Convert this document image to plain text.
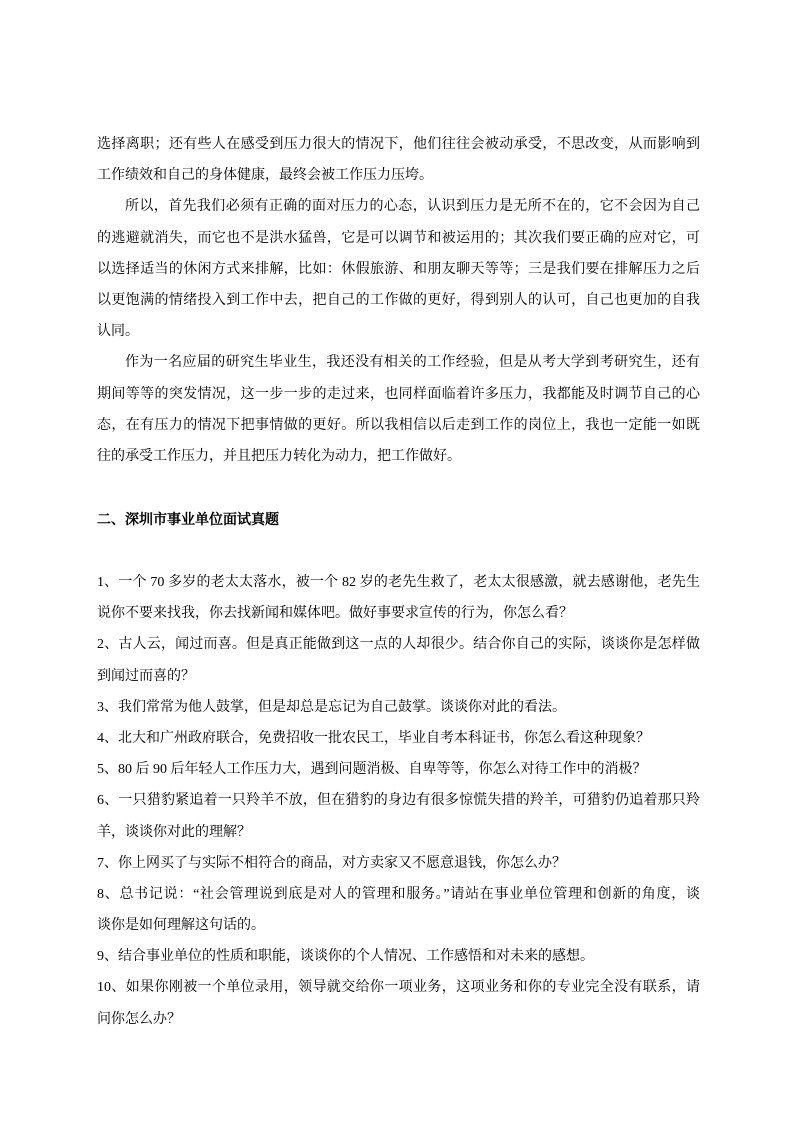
选择离职；还有些人在感受到压力很大的情况下，他们往往会被动承受，不思改变，从而影响到
工作绩效和自己的身体健康，最终会被工作压力压垮。
所以，首先我们必须有正确的面对压力的心态，认识到压力是无所不在的，它不会因为自己
的逃避就消失，而它也不是洪水猛兽，它是可以调节和被运用的；其次我们要正确的应对它，可
以选择适当的休闲方式来排解，比如：休假旅游、和朋友聊天等等；三是我们要在排解压力之后
以更饱满的情绪投入到工作中去，把自己的工作做的更好，得到别人的认可，自己也更加的自我
认同。
作为一名应届的研究生毕业生，我还没有相关的工作经验，但是从考大学到考研究生，还有
期间等等的突发情况，这一步一步的走过来，也同样面临着许多压力，我都能及时调节自己的心
态，在有压力的情况下把事情做的更好。所以我相信以后走到工作的岗位上，我也一定能一如既
往的承受工作压力，并且把压力转化为动力，把工作做好。
二、深圳市事业单位面试真题
1、一个 70 多岁的老太太落水，被一个 82 岁的老先生救了，老太太很感激，就去感谢他，老先生
说你不要来找我，你去找新闻和媒体吧。做好事要求宣传的行为，你怎么看？
2、古人云，闻过而喜。但是真正能做到这一点的人却很少。结合你自己的实际，谈谈你是怎样做
到闻过而喜的？
3、我们常常为他人鼓掌，但是却总是忘记为自己鼓掌。谈谈你对此的看法。
4、北大和广州政府联合，免费招收一批农民工，毕业自考本科证书，你怎么看这种现象？
5、80 后 90 后年轻人工作压力大，遇到问题消极、自卑等等，你怎么对待工作中的消极？
6、一只猎豹紧追着一只羚羊不放，但在猎豹的身边有很多惊慌失措的羚羊，可猎豹仍追着那只羚
羊，谈谈你对此的理解？
7、你上网买了与实际不相符合的商品，对方卖家又不愿意退钱，你怎么办？
8、总书记说：“社会管理说到底是对人的管理和服务。”请站在事业单位管理和创新的角度，谈
谈你是如何理解这句话的。
9、结合事业单位的性质和职能，谈谈你的个人情况、工作感悟和对未来的感想。
10、如果你刚被一个单位录用，领导就交给你一项业务，这项业务和你的专业完全没有联系，请
问你怎么办？
